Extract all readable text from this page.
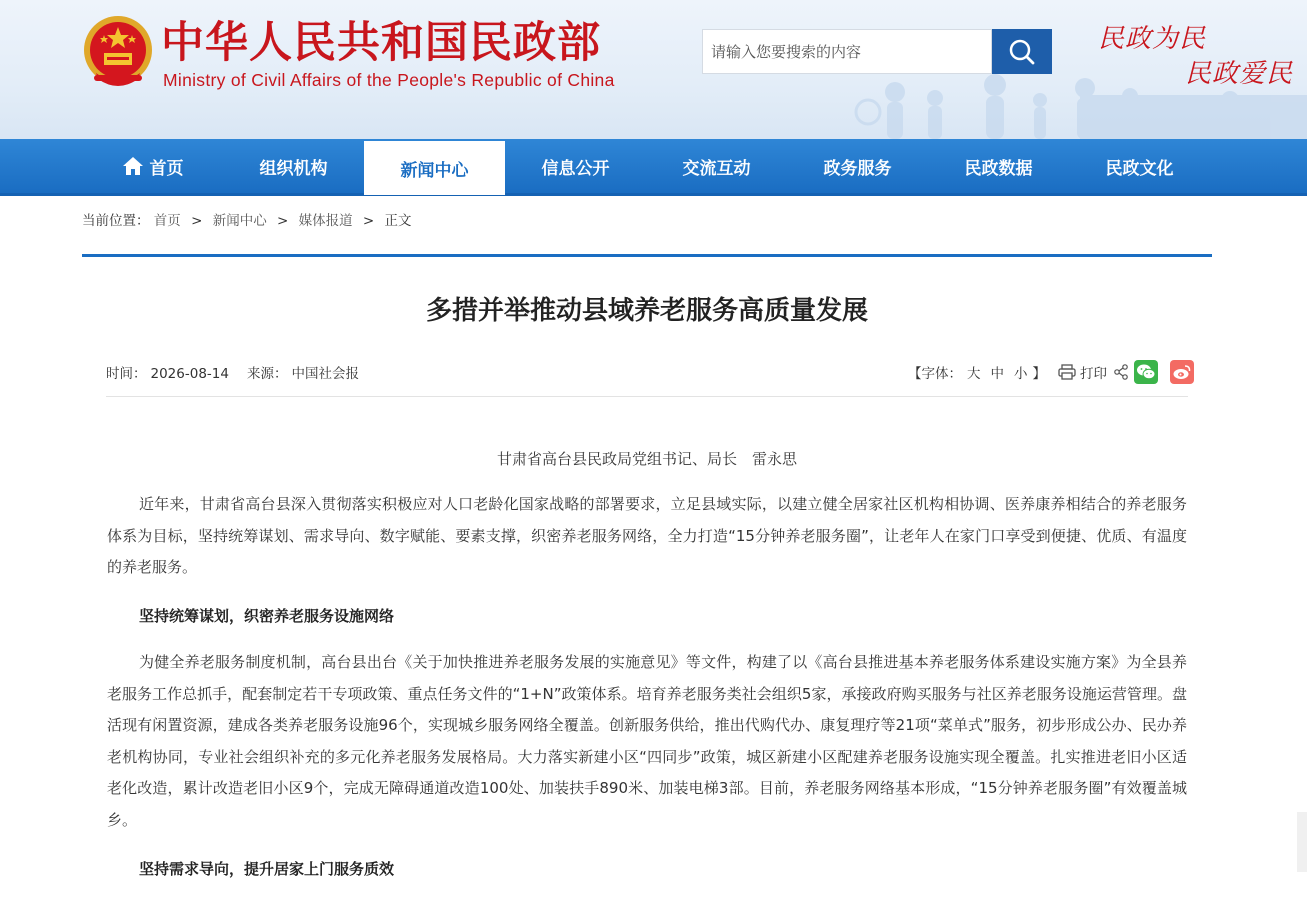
中华人民共和国民政部
Ministry of Civil Affairs of the People's Republic of China
请输入您要搜索的内容
民政为民
民政爱民
首页	组织机构	新闻中心	信息公开	交流互动	政务服务	民政数据	民政文化
当前位置： 首页 > 新闻中心 > 媒体报道 > 正文
多措并举推动县域养老服务高质量发展
时间： 2026-08-14 来源： 中国社会报	【字体： 大 中 小 】	打印
甘肃省高台县民政局党组书记、局长　雷永思

近年来，甘肃省高台县深入贯彻落实积极应对人口老龄化国家战略的部署要求，立足县域实际，以建立健全居家社区机构相协调、医养康养相结合的养老服务体系为目标，坚持统筹谋划、需求导向、数字赋能、要素支撑，织密养老服务网络，全力打造“15分钟养老服务圈”，让老年人在家门口享受到便捷、优质、有温度的养老服务。

坚持统筹谋划，织密养老服务设施网络

为健全养老服务制度机制，高台县出台《关于加快推进养老服务发展的实施意见》等文件，构建了以《高台县推进基本养老服务体系建设实施方案》为全县养老服务工作总抓手，配套制定若干专项政策、重点任务文件的“1+N”政策体系。培育养老服务类社会组织5家，承接政府购买服务与社区养老服务设施运营管理。盘活现有闲置资源，建成各类养老服务设施96个，实现城乡服务网络全覆盖。创新服务供给，推出代购代办、康复理疗等21项“菜单式”服务，初步形成公办、民办养老机构协同，专业社会组织补充的多元化养老服务发展格局。大力落实新建小区“四同步”政策，城区新建小区配建养老服务设施实现全覆盖。扎实推进老旧小区适老化改造，累计改造老旧小区9个，完成无障碍通道改造100处、加装扶手890米、加装电梯3部。目前，养老服务网络基本形成，“15分钟养老服务圈”有效覆盖城乡。

坚持需求导向，提升居家上门服务质效
